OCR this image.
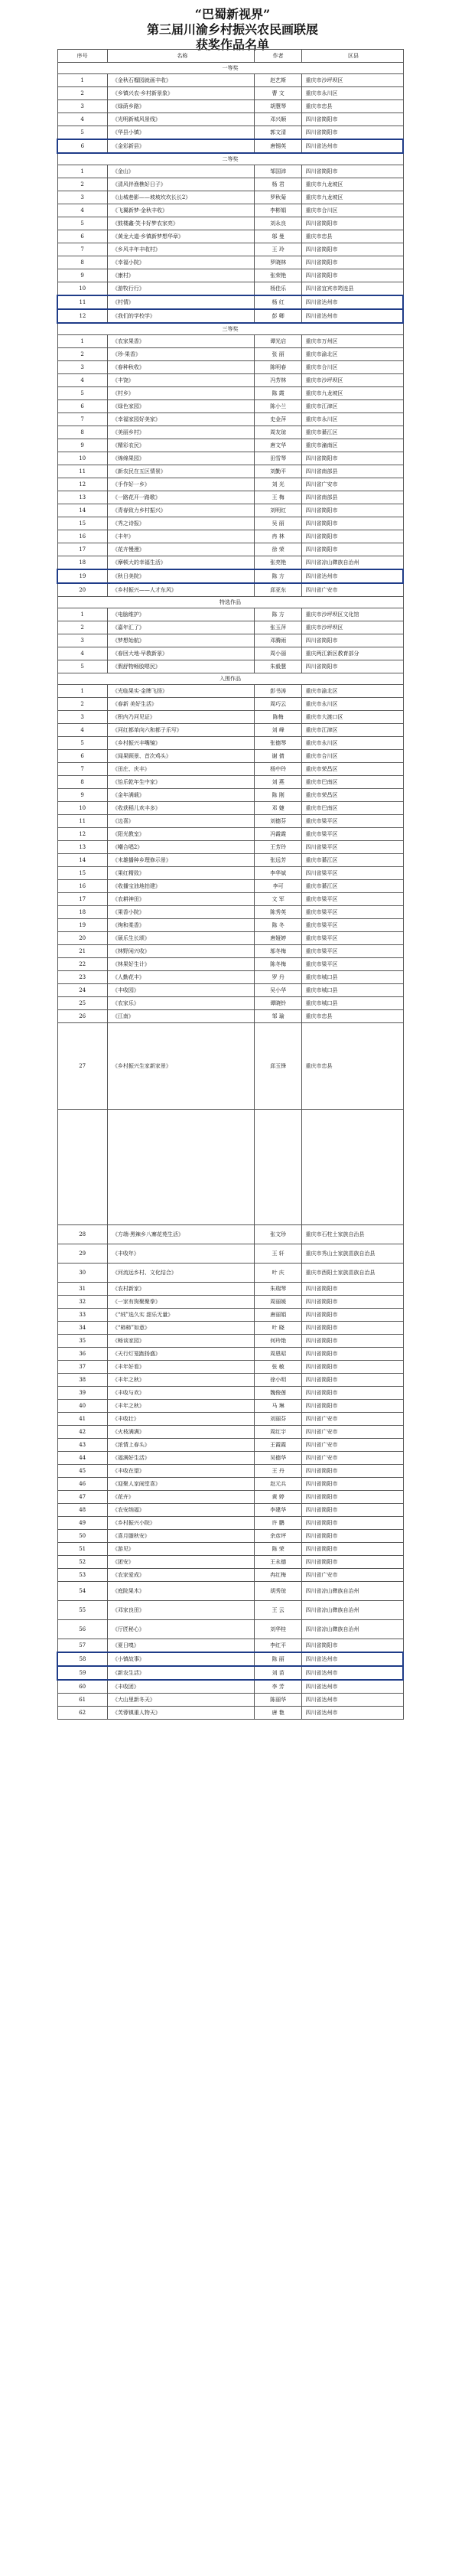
“巴蜀新视界”
第三届川渝乡村振兴农民画联展
获奖作品名单
序号	名称	作者	区县
一等奖			
1	《金秋石榴园就画丰收》	赵艺斯	重庆市沙坪坝区
2	《乡镇兴农·乡村新景象》	曹 文	重庆市永川区
3	《绿荫乡路》	胡慧琴	重庆市忠县
4	《光明新城风景线》	邓兴顺	四川省简阳市
5	《华县小镇》	郭文清	四川省简阳市
6	《金彩新县》	唐锡英	四川省达州市
二等奖			
1	《金山》	邹国沛	四川省简阳市
2	《清风伴渔樵好日子》	杨 君	重庆市九龙坡区
3	《山城巷影——坡坡坎坎长长2》	罗秋菊	重庆市九龙坡区
4	《飞翼新梦·金秋丰收》	李彬娟	重庆市合川区
5	《鼓楼鑫·笑卡好梦农家亮》	刘永良	四川省简阳市
6	《黄龙大道·乡镇新梦想华章》	邬 曼	重庆市忠县
7	《乡风丰年丰收村》	王 玲	四川省简阳市
8	《幸福小院》	罗晓林	四川省简阳市
9	《康村》	张荣艳	四川省简阳市
10	《游牧行行》	杨佳乐	四川省宜宾市筠连县
11	《村情》	杨 红	四川省达州市
12	《我们的学校学》	彭 卿	四川省达州市
三等奖			
1	《农家果香》	谭光启	重庆市万州区
2	《珍·果香》	张 丽	重庆市渝北区
3	《春种秋收》	陈明春	重庆市合川区
4	《丰饶》	冯芳林	重庆市沙坪坝区
5	《村乡》	陈 霞	重庆市九龙坡区
6	《绿色家园》	陈小兰	重庆市江津区
7	《幸福家园好美家》	史金萍	重庆市永川区
8	《美丽乡村》	周友琼	重庆市綦江区
9	《精彩农民》	唐文华	重庆市潼南区
10	《绵绵果园》	田雪琴	四川省简阳市
11	《新农民在五区情景》	刘勤平	四川省南部县
12	《手作好一乡》	刘 光	四川省广安市
13	《一路花开一路歌》	王 梅	四川省南部县
14	《青春致力乡村振兴》	刘明红	四川省简阳市
15	《秀之诗报》	吴 丽	四川省简阳市
16	《丰年》	冉 林	四川省简阳市
17	《花卉慢漫》	徐 荣	四川省简阳市
18	《摩顿大的幸福生活》	张亮艳	四川省凉山彝族自治州
19	《秋日美院》	陈 方	四川省达州市
20	《乡村振兴——人才东风》	邱亚东	四川省广安市
特选作品			
1	《电脑维护》	陈 方	重庆市沙坪坝区文化馆
2	《嘉年汇了》	张玉萍	重庆市沙坪坝区
3	《梦想始航》	邓腾雨	四川省简阳市
4	《春回大地·早教新景》	周小丽	重庆两江新区教育部分
5	《假舒物畅胶嗯民》	朱毅慧	四川省简阳市
入围作品			
1	《光临果实·金牌飞扬》	彭书涛	重庆市渝北区
2	《春新 美好生活》	周巧云	重庆市永川区
3	《积内乃河见证》	陈梅	重庆市大渡口区
4	《河红都单向六和都子乐写》	刘 峰	重庆市江津区
5	《乡村振兴丰嘴镜》	张德琴	重庆市永川区
6	《闻果顾景、首次鸡头》	谢 倩	重庆市合川区
7	《田庄、庆丰》	杨中玲	重庆市荣昌区
8	《怡乐乾年生中家》	刘 燕	重庆市巴南区
9	《金年满载》	陈 刚	重庆市荣昌区
10	《收获稻儿欢丰多》	邓 婕	重庆市巴南区
11	《边喜》	刘德芬	重庆市梁平区
12	《阳光教室》	冯霞霞	重庆市梁平区
13	《嘲合唱2》	王芳玲	四川省梁平区
14	《末雄播种乡理修示景》	张远芳	重庆市綦江区
15	《果红精致》	李华斌	四川省梁平区
16	《收播宝油地拍建》	李可	重庆市綦江区
17	《农耕神田》	文 军	重庆市梁平区
18	《果香小院》	陈秀英	重庆市梁平区
19	《绚和柔香》	陈 冬	重庆市梁平区
20	《硕乐生长颂》	唐娅婷	重庆市梁平区
21	《林野闲兴收》	邬冬梅	重庆市梁平区
22	《林果好生计》	陈冬梅	重庆市梁平区
23	《人勤花丰》	罗 丹	重庆市城口县
24	《丰收园》	吴小华	重庆市城口县
25	《农家乐》	谭晓铃	重庆市城口县
26	《江南》	邹 瑜	重庆市忠县
27	《乡村振兴生家新家景》	邱玉锋	重庆市忠县

28	《方端·黑辣乡八寨花苑生活》	张文珍	重庆市石柱土家族自治县
29	《丰收年》	王 轩	重庆市秀山土家族苗族自治县
30	《河流远乡村、文化结合》	叶 庆	重庆市酉阳土家族苗族自治县
31	《农村新家》	朱瑞琴	四川省简阳市
32	《一家有狗聚聚拳》	周丽媛	四川省简阳市
33	《“绒”选久实 甜乐无量》	唐丽娟	四川省简阳市
34	《“柿柿”如意》	叶 晓	四川省简阳市
35	《畅谈家园》	何玲艳	四川省简阳市
36	《天行灯笼跑扬盛》	周恩昭	四川省简阳市
37	《丰年好看》	张 敏	四川省简阳市
38	《丰年之秋》	徐小明	四川省简阳市
39	《丰收与欢》	魏俊莲	四川省简阳市
40	《丰年之秋》	马 琳	四川省简阳市
41	《丰收壮》	刘丽芬	四川省广安市
42	《火枝满满》	周红宇	四川省广安市
43	《浓情上春头》	王霞霞	四川省广安市
44	《福满好生活》	吴德华	四川省广安市
45	《丰收在望》	王 丹	四川省简阳市
46	《迎聚人家闹堂喜》	赵元兵	四川省简阳市
47	《花卉》	黄 婷	四川省简阳市
48	《农安纳福》	李建华	四川省简阳市
49	《乡村振兴小院》	许 鹏	四川省简阳市
50	《喜月膝秋安》	余彦坪	四川省简阳市
51	《游见》	陈 荣	四川省简阳市
52	《团安》	王永德	四川省简阳市
53	《农家爱成》	冉红梅	四川省广安市
54	《庭院果木》	胡秀琼	四川省凉山彝族自治州
55	《邓家良田》	王 云	四川省凉山彝族自治州
56	《厅匠秘心》	刘华桂	四川省凉山彝族自治州
57	《夏日嗅》	李红平	四川省简阳市
58	《小镇故事》	陈 丽	四川省达州市
59	《新农生活》	刘 苗	四川省达州市
60	《丰收团》	李 芳	四川省达州市
61	《大山里新冬天》	陈丽华	四川省达州市
62	《芙蓉镇重人物天》	唐 艳	四川省达州市
